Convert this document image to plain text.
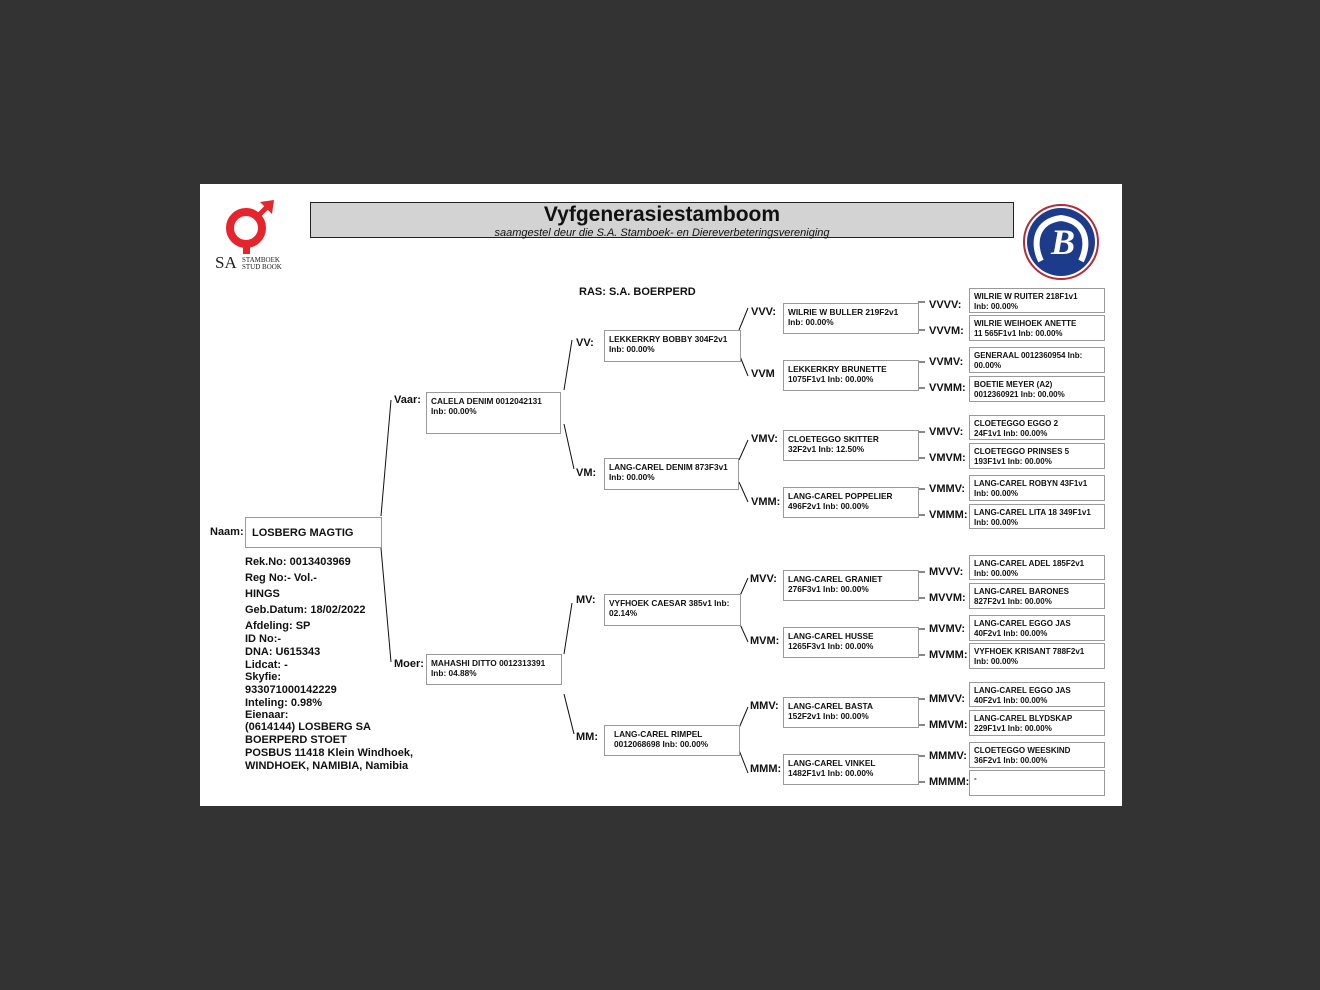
SA STAMBOEK
STUD BOOK
Vyfgenerasiestamboom
saamgestel deur die S.A. Stamboek- en Diereverbeteringsvereniging	B
RAS: S.A. BOERPERD
Naam: LOSBERG MAGTIG
Rek.No: 0013403969
Reg No:- Vol.-
HINGS
Geb.Datum: 18/02/2022
Afdeling: SP
ID No:-
DNA: U615343
Lidcat: -
Skyfie:
933071000142229
Inteling: 0.98%
Eienaar:
(0614144) LOSBERG SA
BOERPERD STOET
POSBUS 11418 Klein Windhoek,
WINDHOEK, NAMIBIA, Namibia
Vaar: CALELA DENIM 0012042131
Inb: 00.00%
Moer: MAHASHI DITTO 0012313391
Inb: 04.88%
VV: LEKKERKRY BOBBY 304F2v1
Inb: 00.00%
VM: LANG-CAREL DENIM 873F3v1
Inb: 00.00%
MV: VYFHOEK CAESAR 385v1 Inb:
02.14%
MM: LANG-CAREL RIMPEL
0012068698 Inb: 00.00%
VVV: WILRIE W BULLER 219F2v1
Inb: 00.00%
VVM LEKKERKRY BRUNETTE
1075F1v1 Inb: 00.00%
VMV: CLOETEGGO SKITTER
32F2v1 Inb: 12.50%
VMM: LANG-CAREL POPPELIER
496F2v1 Inb: 00.00%
MVV: LANG-CAREL GRANIET
276F3v1 Inb: 00.00%
MVM: LANG-CAREL HUSSE
1265F3v1 Inb: 00.00%
MMV: LANG-CAREL BASTA
152F2v1 Inb: 00.00%
MMM: LANG-CAREL VINKEL
1482F1v1 Inb: 00.00%
VVVV:
WILRIE W RUITER 218F1v1
Inb: 00.00%
VVVM:
WILRIE WEIHOEK ANETTE
11 565F1v1 Inb: 00.00%
VVMV:
GENERAAL 0012360954 Inb:
00.00%
VVMM: BOETIE MEYER (A2)
0012360921 Inb: 00.00%
VMVV:
CLOETEGGO EGGO 2
24F1v1 Inb: 00.00%
VMVM:
CLOETEGGO PRINSES 5
193F1v1 Inb: 00.00%
VMMV: LANG-CAREL ROBYN 43F1v1
Inb: 00.00%
VMMM: LANG-CAREL LITA 18 349F1v1
Inb: 00.00%
MVVV:
LANG-CAREL ADEL 185F2v1
Inb: 00.00%
MVVM:
LANG-CAREL BARONES
827F2v1 Inb: 00.00%
MVMV: LANG-CAREL EGGO JAS
40F2v1 Inb: 00.00%
MVMM: VYFHOEK KRISANT 788F2v1
Inb: 00.00%
MMVV:
LANG-CAREL EGGO JAS
40F2v1 Inb: 00.00%
MMVM:
LANG-CAREL BLYDSKAP
229F1v1 Inb: 00.00%
MMMV: CLOETEGGO WEESKIND
36F2v1 Inb: 00.00%
MMMM: -
